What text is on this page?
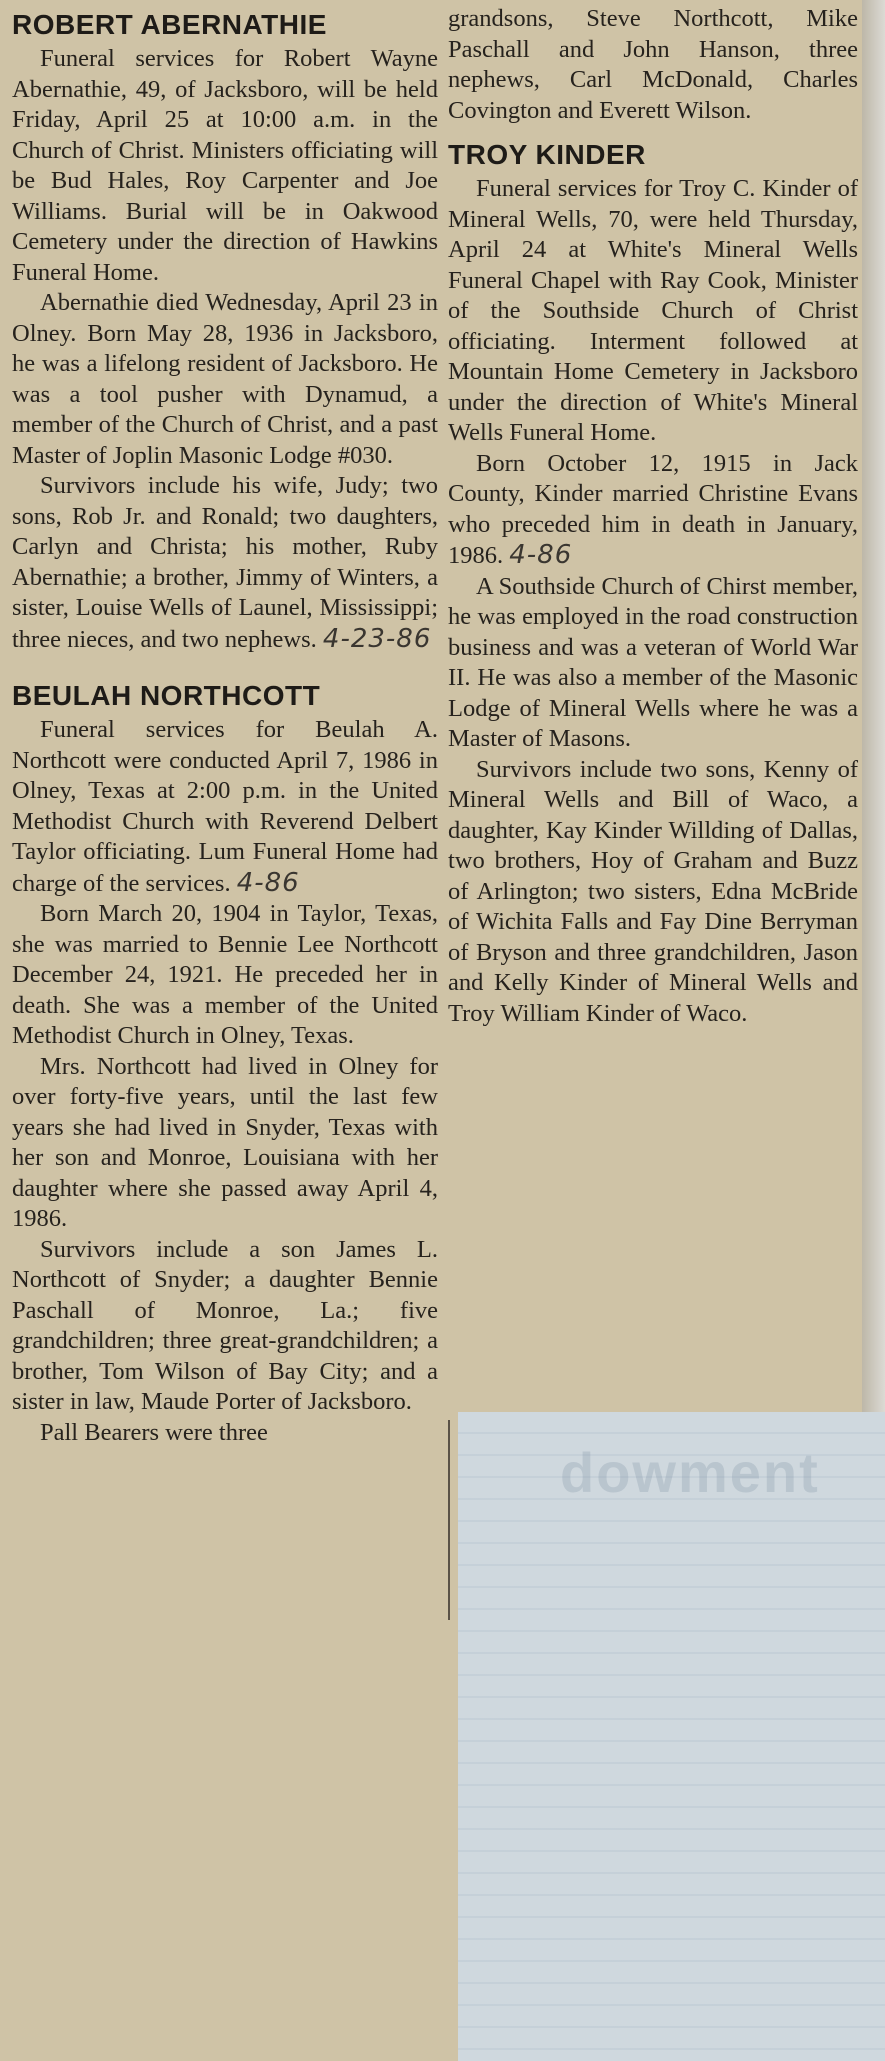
dowment
ROBERT ABERNATHIE

Funeral services for Robert Wayne Abernathie, 49, of Jacksboro, will be held Friday, April 25 at 10:00 a.m. in the Church of Christ. Ministers officiating will be Bud Hales, Roy Carpenter and Joe Williams. Burial will be in Oakwood Cemetery under the direction of Hawkins Funeral Home.

Abernathie died Wednesday, April 23 in Olney. Born May 28, 1936 in Jacksboro, he was a lifelong resident of Jacksboro. He was a tool pusher with Dynamud, a member of the Church of Christ, and a past Master of Joplin Masonic Lodge #030.

Survivors include his wife, Judy; two sons, Rob Jr. and Ronald; two daughters, Carlyn and Christa; his mother, Ruby Abernathie; a brother, Jimmy of Winters, a sister, Louise Wells of Launel, Mississippi; three nieces, and two nephews. 4-23-86

BEULAH NORTHCOTT

Funeral services for Beulah A. Northcott were conducted April 7, 1986 in Olney, Texas at 2:00 p.m. in the United Methodist Church with Reverend Delbert Taylor officiating. Lum Funeral Home had charge of the services. 4-86

Born March 20, 1904 in Taylor, Texas, she was married to Bennie Lee Northcott December 24, 1921. He preceded her in death. She was a member of the United Methodist Church in Olney, Texas.

Mrs. Northcott had lived in Olney for over forty-five years, until the last few years she had lived in Snyder, Texas with her son and Monroe, Louisiana with her daughter where she passed away April 4, 1986.

Survivors include a son James L. Northcott of Snyder; a daughter Bennie Paschall of Monroe, La.; five grandchildren; three great-grandchildren; a brother, Tom Wilson of Bay City; and a sister in law, Maude Porter of Jacksboro.

Pall Bearers were three

grandsons, Steve Northcott, Mike Paschall and John Hanson, three nephews, Carl McDonald, Charles Covington and Everett Wilson.

TROY KINDER

Funeral services for Troy C. Kinder of Mineral Wells, 70, were held Thursday, April 24 at White's Mineral Wells Funeral Chapel with Ray Cook, Minister of the Southside Church of Christ officiating. Interment followed at Mountain Home Cemetery in Jacksboro under the direction of White's Mineral Wells Funeral Home.

Born October 12, 1915 in Jack County, Kinder married Christine Evans who preceded him in death in January, 1986. 4-86

A Southside Church of Chirst member, he was employed in the road construction business and was a veteran of World War II. He was also a member of the Masonic Lodge of Mineral Wells where he was a Master of Masons.

Survivors include two sons, Kenny of Mineral Wells and Bill of Waco, a daughter, Kay Kinder Willding of Dallas, two brothers, Hoy of Graham and Buzz of Arlington; two sisters, Edna McBride of Wichita Falls and Fay Dine Berryman of Bryson and three grandchildren, Jason and Kelly Kinder of Mineral Wells and Troy William Kinder of Waco.
